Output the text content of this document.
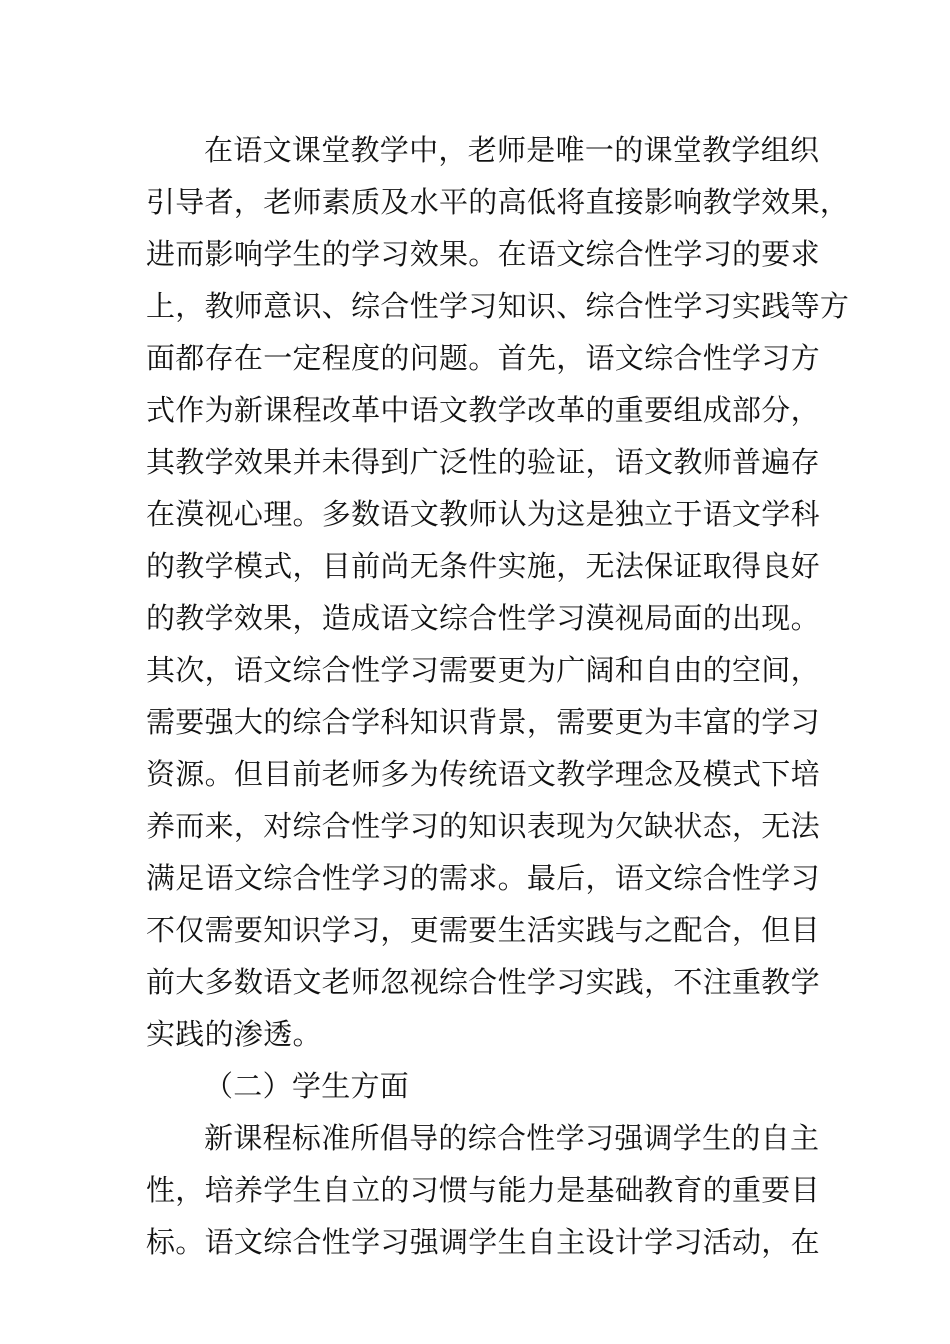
在语文课堂教学中，老师是唯一的课堂教学组织

引导者，老师素质及水平的高低将直接影响教学效果，

进而影响学生的学习效果。在语文综合性学习的要求

上，教师意识、综合性学习知识、综合性学习实践等方

面都存在一定程度的问题。首先，语文综合性学习方

式作为新课程改革中语文教学改革的重要组成部分，

其教学效果并未得到广泛性的验证，语文教师普遍存

在漠视心理。多数语文教师认为这是独立于语文学科

的教学模式，目前尚无条件实施，无法保证取得良好

的教学效果，造成语文综合性学习漠视局面的出现。

其次，语文综合性学习需要更为广阔和自由的空间，

需要强大的综合学科知识背景，需要更为丰富的学习

资源。但目前老师多为传统语文教学理念及模式下培

养而来，对综合性学习的知识表现为欠缺状态，无法

满足语文综合性学习的需求。最后，语文综合性学习

不仅需要知识学习，更需要生活实践与之配合，但目

前大多数语文老师忽视综合性学习实践，不注重教学

实践的渗透。

（二）学生方面

新课程标准所倡导的综合性学习强调学生的自主

性，培养学生自立的习惯与能力是基础教育的重要目

标。语文综合性学习强调学生自主设计学习活动，在
